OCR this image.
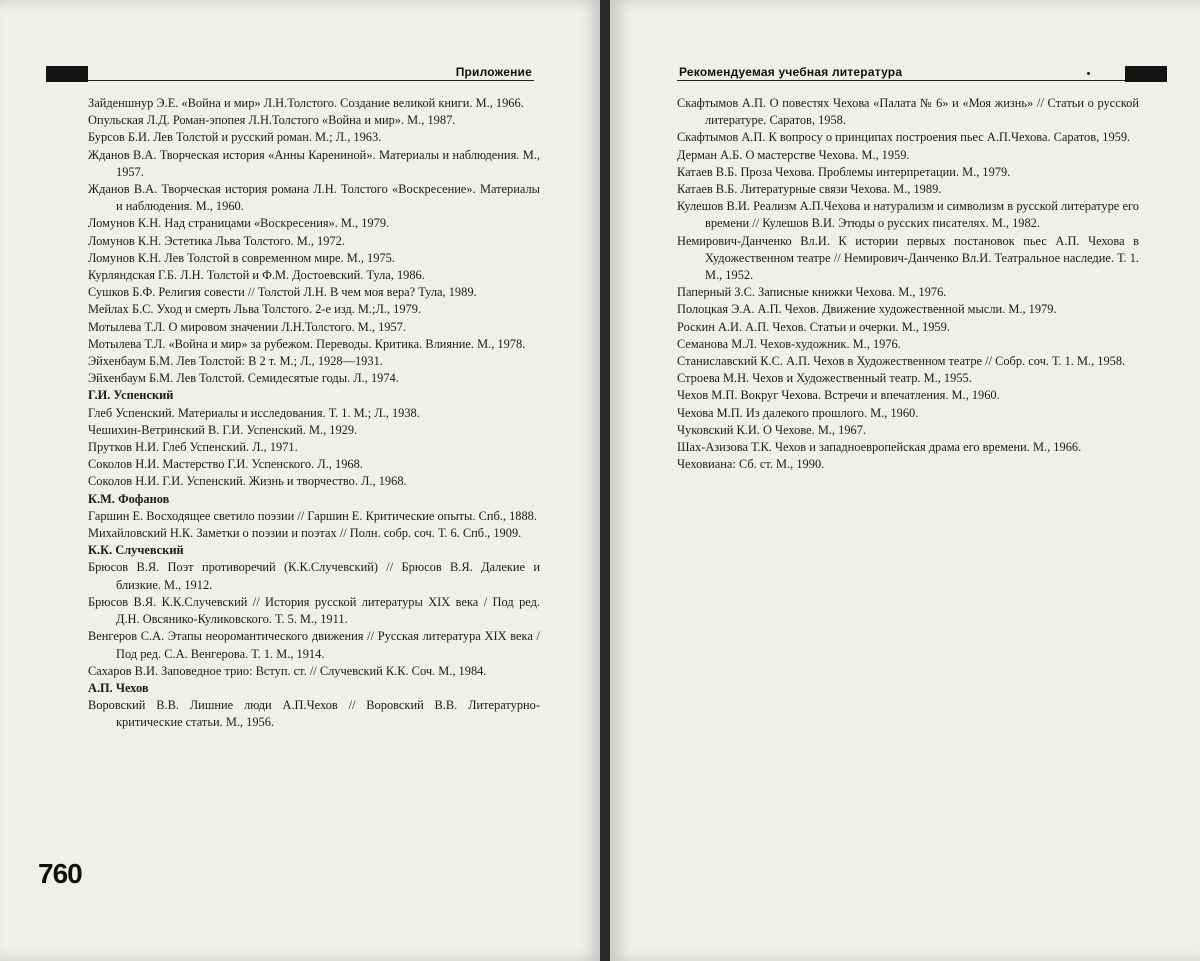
Приложение
Зайденшнур Э.Е. «Война и мир» Л.Н.Толстого. Создание великой книги. М., 1966.
Опульская Л.Д. Роман-эпопея Л.Н.Толстого «Война и мир». М., 1987.
Бурсов Б.И. Лев Толстой и русский роман. М.; Л., 1963.
Жданов В.А. Творческая история «Анны Карениной». Материалы и наблюдения. М., 1957.
Жданов В.А. Творческая история романа Л.Н. Толстого «Воскресение». Материалы и наблюдения. М., 1960.
Ломунов К.Н. Над страницами «Воскресения». М., 1979.
Ломунов К.Н. Эстетика Льва Толстого. М., 1972.
Ломунов К.Н. Лев Толстой в современном мире. М., 1975.
Курляндская Г.Б. Л.Н. Толстой и Ф.М. Достоевский. Тула, 1986.
Сушков Б.Ф. Религия совести // Толстой Л.Н. В чем моя вера? Тула, 1989.
Мейлах Б.С. Уход и смерть Льва Толстого. 2-е изд. М.;Л., 1979.
Мотылева Т.Л. О мировом значении Л.Н.Толстого. М., 1957.
Мотылева Т.Л. «Война и мир» за рубежом. Переводы. Критика. Влияние. М., 1978.
Эйхенбаум Б.М. Лев Толстой: В 2 т. М.; Л., 1928—1931.
Эйхенбаум Б.М. Лев Толстой. Семидесятые годы. Л., 1974.
Г.И. Успенский
Глеб Успенский. Материалы и исследования. Т. 1. М.; Л., 1938.
Чешихин-Ветринский В. Г.И. Успенский. М., 1929.
Прутков Н.И. Глеб Успенский. Л., 1971.
Соколов Н.И. Мастерство Г.И. Успенского. Л., 1968.
Соколов Н.И. Г.И. Успенский. Жизнь и творчество. Л., 1968.
К.М. Фофанов
Гаршин Е. Восходящее светило поэзии // Гаршин Е. Критические опыты. Спб., 1888.
Михайловский Н.К. Заметки о поэзии и поэтах // Полн. собр. соч. Т. 6. Спб., 1909.
К.К. Случевский
Брюсов В.Я. Поэт противоречий (К.К.Случевский) // Брюсов В.Я. Далекие и близкие. М., 1912.
Брюсов В.Я. К.К.Случевский // История русской литературы XIX века / Под ред. Д.Н. Овсянико-Куликовского. Т. 5. М., 1911.
Венгеров С.А. Этапы неоромантического движения // Русская литература XIX века / Под ред. С.А. Венгерова. Т. 1. М., 1914.
Сахаров В.И. Заповедное трио: Вступ. ст. // Случевский К.К. Соч. М., 1984.
А.П. Чехов
Воровский В.В. Лишние люди А.П.Чехов // Воровский В.В. Литературно-критические статьи. М., 1956.
760
Рекомендуемая учебная литература
Скафтымов А.П. О повестях Чехова «Палата № 6» и «Моя жизнь» // Статьи о русской литературе. Саратов, 1958.
Скафтымов А.П. К вопросу о принципах построения пьес А.П.Чехова. Саратов, 1959.
Дерман А.Б. О мастерстве Чехова. М., 1959.
Катаев В.Б. Проза Чехова. Проблемы интерпретации. М., 1979.
Катаев В.Б. Литературные связи Чехова. М., 1989.
Кулешов В.И. Реализм А.П.Чехова и натурализм и символизм в русской литературе его времени // Кулешов В.И. Этюды о русских писателях. М., 1982.
Немирович-Данченко Вл.И. К истории первых постановок пьес А.П. Чехова в Художественном театре // Немирович-Данченко Вл.И. Театральное наследие. Т. 1. М., 1952.
Паперный З.С. Записные книжки Чехова. М., 1976.
Полоцкая Э.А. А.П. Чехов. Движение художественной мысли. М., 1979.
Роскин А.И. А.П. Чехов. Статьи и очерки. М., 1959.
Семанова М.Л. Чехов-художник. М., 1976.
Станиславский К.С. А.П. Чехов в Художественном театре // Собр. соч. Т. 1. М., 1958.
Строева М.Н. Чехов и Художественный театр. М., 1955.
Чехов М.П. Вокруг Чехова. Встречи и впечатления. М., 1960.
Чехова М.П. Из далекого прошлого. М., 1960.
Чуковский К.И. О Чехове. М., 1967.
Шах-Азизова Т.К. Чехов и западноевропейская драма его времени. М., 1966.
Чеховиана: Сб. ст. М., 1990.
